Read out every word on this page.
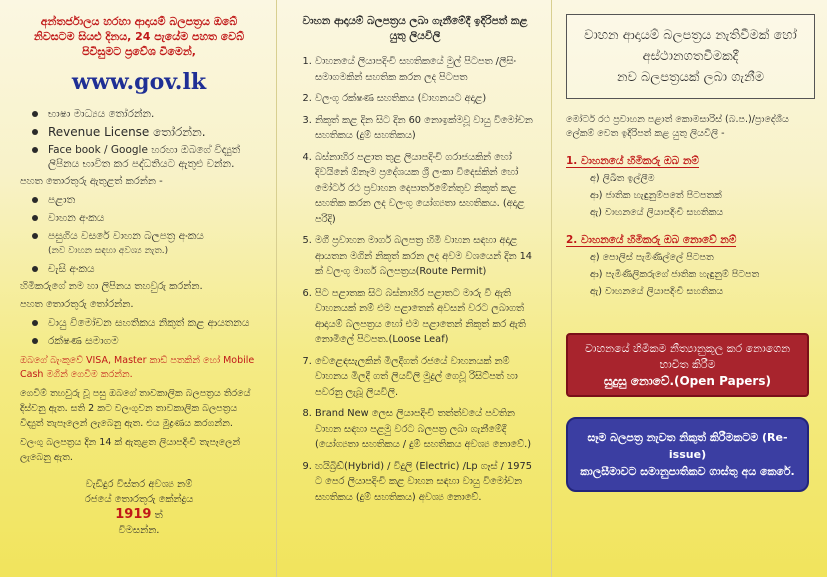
අන්තර්ජාලය හරහා ආදායම් බලපත්‍රය ඔබේ නිවසටම සියළු දිනය, 24 පැයේම පහත වෙබ් පිවිසුමට ප්‍රවේශ වීමෙන්,
www.gov.lk
භාෂා මාධ්‍යය තෝරන්න.
Revenue License තෝරන්න.
Face book / Google හරහා ඔබගේ විද්‍යුත් ලිපිනය භාවිත කර පද්ධතියට ඇතුළු වන්න.
පහත තොරතුරු ඇතුළත් කරන්න -
පළාත
වාහන අංකය
පසුගිය වසරේ වාහන බලපත්‍ර අංකය
(නව වාහන සඳහා අවශ්‍ය නැත.)
චැසි අංකය
හිමිකරුගේ නම හා ලිපිනය තහවුරු කරන්න.
පහත තොරතුරු තෝරන්න.
වායු විමෝචන සහතිකය නිකුත් කළ ආයතනය
රක්ෂණ සමාගම
ඔබගේ බැංකුවේ VISA, Master කාඩ් පතකින් හෝ Mobile Cash මගින් ගෙවීම කරන්න.
ගෙවීම් තහවුරු වූ පසු ඔබගේ තාවකාලික බලපත්‍රය තිරයේ දිස්වනු ඇත. සති 2 කට වලංගුවන තාවකාලික බලපත්‍රය විද්‍යුත් තැපෑලෙන් ලැබෙනු ඇත. එය මුද්‍රණය කරගන්න.
වලංගු බලපත්‍රය දින 14 ක් ඇතුළත ලියාපදිංචි තැපෑලෙන් ලැබෙනු ඇත.
වැඩිදුර විස්තර අවශ්‍ය නම්
රජයේ තොරතුරු කේන්ද්‍රය
1919 ත්
විමසන්න.
වාහන ආදායම් බලපත්‍රය ලබා ගැනීමේදී ඉදිරිපත් කළ යුතු ලියවිලි
1. වාහනයේ ලියාපදිංචි සහතිකයේ මුල් පිටපත /ලීසිං සමාගමකින් සහතික කරන ලද පිටපත
2. වලංගු රක්ෂණ සහතිකය (වාහනයට අදාළ)
3. නිකුත් කළ දින සිට දින 60 නොඉක්මවූ වායු විමෝචන සහතිකය (දුම් සහතිකය)
4. බස්නාහිර පළාත තුළ ලියාපදිංචි ගරාජයකින් හෝ දිවයිනේ ඕනෑම ප්‍රදේශයක ශ්‍රී ලංකා විදෙස්කින් හෝ මෝටර් රථ ප්‍රවාහන දෙපාර්තමේන්තුව නිකුත් කළ සහතික කරන ලද වලංගු යෝග්‍යතා සහතිකය. (අදාළ පරිදි)
5. මගී ප්‍රවාහන මාර්ග බලපත්‍ර හිමි වාහන සඳහා අදාළ ආයතන මගින් නිකුත් කරන ලද අවම වශයෙන් දින 14 ක් වලංගු මාර්ග බලපත්‍රය(Route Permit)
6. පිට පළාතක සිට බස්නාහිර පළාතට මාරු වී ඇති වාහනයක් නම් එම පළාතෙන් අවසන් වරට ලබාගත් ආදායම් බලපත්‍රය හෝ එම පළාතෙන් නිකුත් කර ඇති නොමිලේ පිටපත.(Loose Leaf)
7. වෙළෙඳසැලකින් මිලදීගත් රජයේ වාහනයක් නම් වාහනය මිලදී ගත් ලියවිලි මුද්‍රල් ගෙවූ රිසිට්පත් හා පවරනු ලැබූ ලියවිලි.
8. Brand New ලෙස ලියාපදිංචි තත්ත්වයේ පවතින වාහන සඳහා පළමු වරට බලපත්‍ර ලබා ගැනීමේදී (යෝග්‍යතා සහතිකය / දුම් සහතිකය අවශ්‍ය නොවේ.)
9. හයිබ්‍රිඩ්(Hybrid) / විදුලි (Electric) /Lp ගෑස් / 1975 ට පෙර ලියාපදිංචි කළ වාහන සඳහා වායු විමෝචන සහතිකය (දුම් සහතිකය) අවශ්‍ය නොවේ.
වාහන ආදායම් බලපත්‍රය නැතිවීමක් හෝ
අස්ථානගතවීමකදී
නව බලපත්‍රයක් ලබා ගැනීම
මෝටර් රථ ප්‍රවාහන පළාත් කොමසාරිස් (බ.ප.)/ප්‍රාදේශීය ලේකම් වෙත ඉදිරිපත් කළ යුතු ලියවිලි -
1. වාහනයේ හිමිකරු ඔබ නම්
අ) ලිඛිත ඉල්ලීම
ආ) ජාතික හැඳුනුම්පතේ පිටපතක්
ඇ) වාහනයේ ලියාපදිංචි සහතිකය
2. වාහනයේ හිමිකරු ඔබ නොවේ නම්
අ) පොලිස් පැමිණිල්ලේ පිටපත
ආ) පැමිණිලිකරුගේ ජාතික හැඳුනුම් පිටපත
ඇ) වාහනයේ ලියාපදිංචි සහතිකය
වාහනයේ හිමිකම නීත්‍යානුකූල කර නොගෙන භාවිත කිරීම
සුදුසු නොවේ.(Open Papers)
සෑම බලපත්‍ර නැවත නිකුත් කිරීමකටම (Re- issue)
කාලසීමාවට සමානුපාතිකව ගාස්තු අය කෙරේ.
